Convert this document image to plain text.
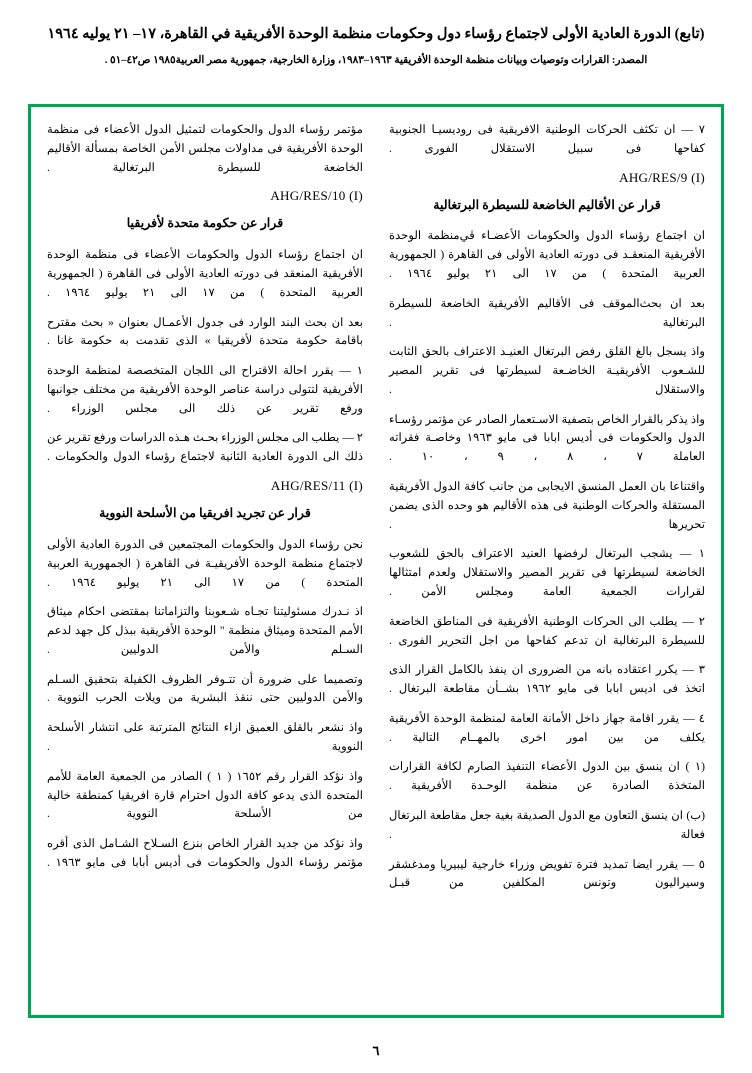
(تابع) الدورة العادية الأولى لاجتماع رؤساء دول وحكومات منظمة الوحدة الأفريقية في القاهرة، ١٧– ٢١ يوليه ١٩٦٤
المصدر: القرارات وتوصيات وبيانات منظمة الوحدة الأفريقية ١٩٦٣–١٩٨٣، وزارة الخارجية، جمهورية مصر العربية١٩٨٥ ص٤٢–٥١ .
٧ — ان تكثف الحركات الوطنية الافريقية فى روديسيـا الجنوبية كفاحها فى سبيل الاستقلال الفورى .
AHG/RES/9 (I)
قرار عن الأقاليم الخاضعة للسيطرة البرتغالية
ان اجتماع رؤساء الدول والحكومات الأعضـاء ڤي‌منظمة الوحدة الأفريقية المنعقـد فى دورته العادية الأولى فى القاهرة ( الجمهورية العربية المتحدة ) من ١٧ الى ٢١ يوليو ١٩٦٤ .
بعد ان بحث‌الموقف فى الأقاليم الأفريقية الخاضعة للسيطرة البرتغالية .
واذ يسجل بالغ القلق رفض البرتغال العنيـد الاعتراف بالحق الثابت للشـعوب الأفريقيـة الخاضـعة لسيطرتها فى تقرير المصير والاستقلال .
واذ يذكر بالقرار الخاص بتصفية الاسـتعمار الصادر عن مؤتمر رؤسـاء الدول والحكومات فى أديس ابابا فى مايو ١٩٦٣ وخاصـة فقراته العاملة ٧ ، ٨ ، ٩ ، ١٠ .
واقتناعا بان العمل المنسق الايجابى من جانب كافة الدول الأفريقية المستقلة والحركات الوطنية فى هذه الأقاليم هو وحده الذى يضمن تحريرها .
١ — يشجب البرتغال لرفضها العنيد الاعتراف بالحق للشعوب الخاضعة لسيطرتها فى تقرير المصير والاستقلال ولعدم امتثالها لقرارات الجمعية العامة ومجلس الأمن .
٢ — يطلب الى الحركات الوطنية الأفريقية فى المناطق الخاضعة للسيطرة البرتغالية ان تدعم كفاحها من اجل التحرير الفورى .
٣ — يكرر اعتقاده بانه من الضرورى ان ينفذ بالكامل القرار الذى اتخذ فى اديس ابابا فى مايو ١٩٦٢ بشــأن مقاطعة البرتغال .
٤ — يقرر اقامة جهاز داخل الأمانة العامة لمنظمة الوحدة الأفريقية يكلف من بين امور اخرى بالمهــام التالية .
(١ ) ان ينسق بين الدول الأعضاء التنفيذ الصارم لكافة القرارات المتخذة الصادرة عن منظمة الوحـدة الأفريقية .
(ب) ان ينسق التعاون مع الدول الصديقة بغية جعل مقاطعة البرتغال فعالة .
٥ — يقرر ايضا تمديد فترة تفويض وزراء خارجية ليبيريا ومدغشقر وسيراليون وتونس المكلفين من قبـل
مؤتمر رؤساء الدول والحكومات لتمثيل الدول الأعضاء فى منظمة الوحدة الأفريقية فى مداولات مجلس الأمن الخاصة بمسألة الأقاليم الخاضعة للسيطرة البرتغالية .
AHG/RES/10 (I)
قرار عن حكومة متحدة لأفريقيا
ان اجتماع رؤساء الدول والحكومات الأعضاء فى منظمة الوحدة الأفريقية المنعقد فى دورته العادية الأولى فى القاهرة ( الجمهورية العربية المتحدة ) من ١٧ الى ٢١ يوليو ١٩٦٤ .
بعد ان بحث البند الوارد فى جدول الأعمـال بعنوان « بحث مقترح باقامة حكومة متحدة لأفريقيا » الذى تقدمت به حكومة غانا .
١ — يقرر احالة الاقتراح الى اللجان المتخصصة لمنظمة الوحدة الأفريقية لتتولى دراسة عناصر الوحدة الأفريقية من مختلف جوانبها ورفع تقرير عن ذلك الى مجلس الوزراء .
٢ — يطلب الى مجلس الوزراء بحـث هـذه الدراسات ورفع تقرير عن ذلك الى الدورة العادية الثانية لاجتماع رؤساء الدول والحكومات .
AHG/RES/11 (I)
قرار عن تجريد افريقيا من الأسلحة النووية
نحن رؤساء الدول والحكومات المجتمعين فى الدورة العادية الأولى لاجتماع منظمة الوحدة الأفريقيـة فى القاهرة ( الجمهورية العربية المتحدة ) من ١٧ الى ٢١ يوليو ١٩٦٤ .
اذ نـدرك مسئوليتنا تجـاه شـعوبنا والتزاماتنا بمقتضى احكام ميثاق الأمم المتحدة وميثاق منظمة " الوحدة الأفريقية ببذل كل جهد لدعم السـلم والأمن الدوليين .
وتصميما على ضرورة أن تتـوفر الظروف الكفيلة بتحقيق السـلم والأمن الدوليين حتى ننقذ البشرية من ويلات الحرب النووية .
واذ نشعر بالقلق العميق ازاء النتائج المترتبة على انتشار الأسلحة النووية .
واذ نؤكد القرار رقم ١٦٥٢ ( ١ ) الصادر من الجمعية العامة للأمم المتحدة الذى يدعو كافة الدول احترام قارة افريقيا كمنطقة خالية من الأسلحة النووية .
واذ نؤكد من جديد القرار الخاص بنزع السـلاح الشـامل الذى أقره مؤتمر رؤساء الدول والحكومات فى أديس أبابا فى مايو ١٩٦٣ .
٦
